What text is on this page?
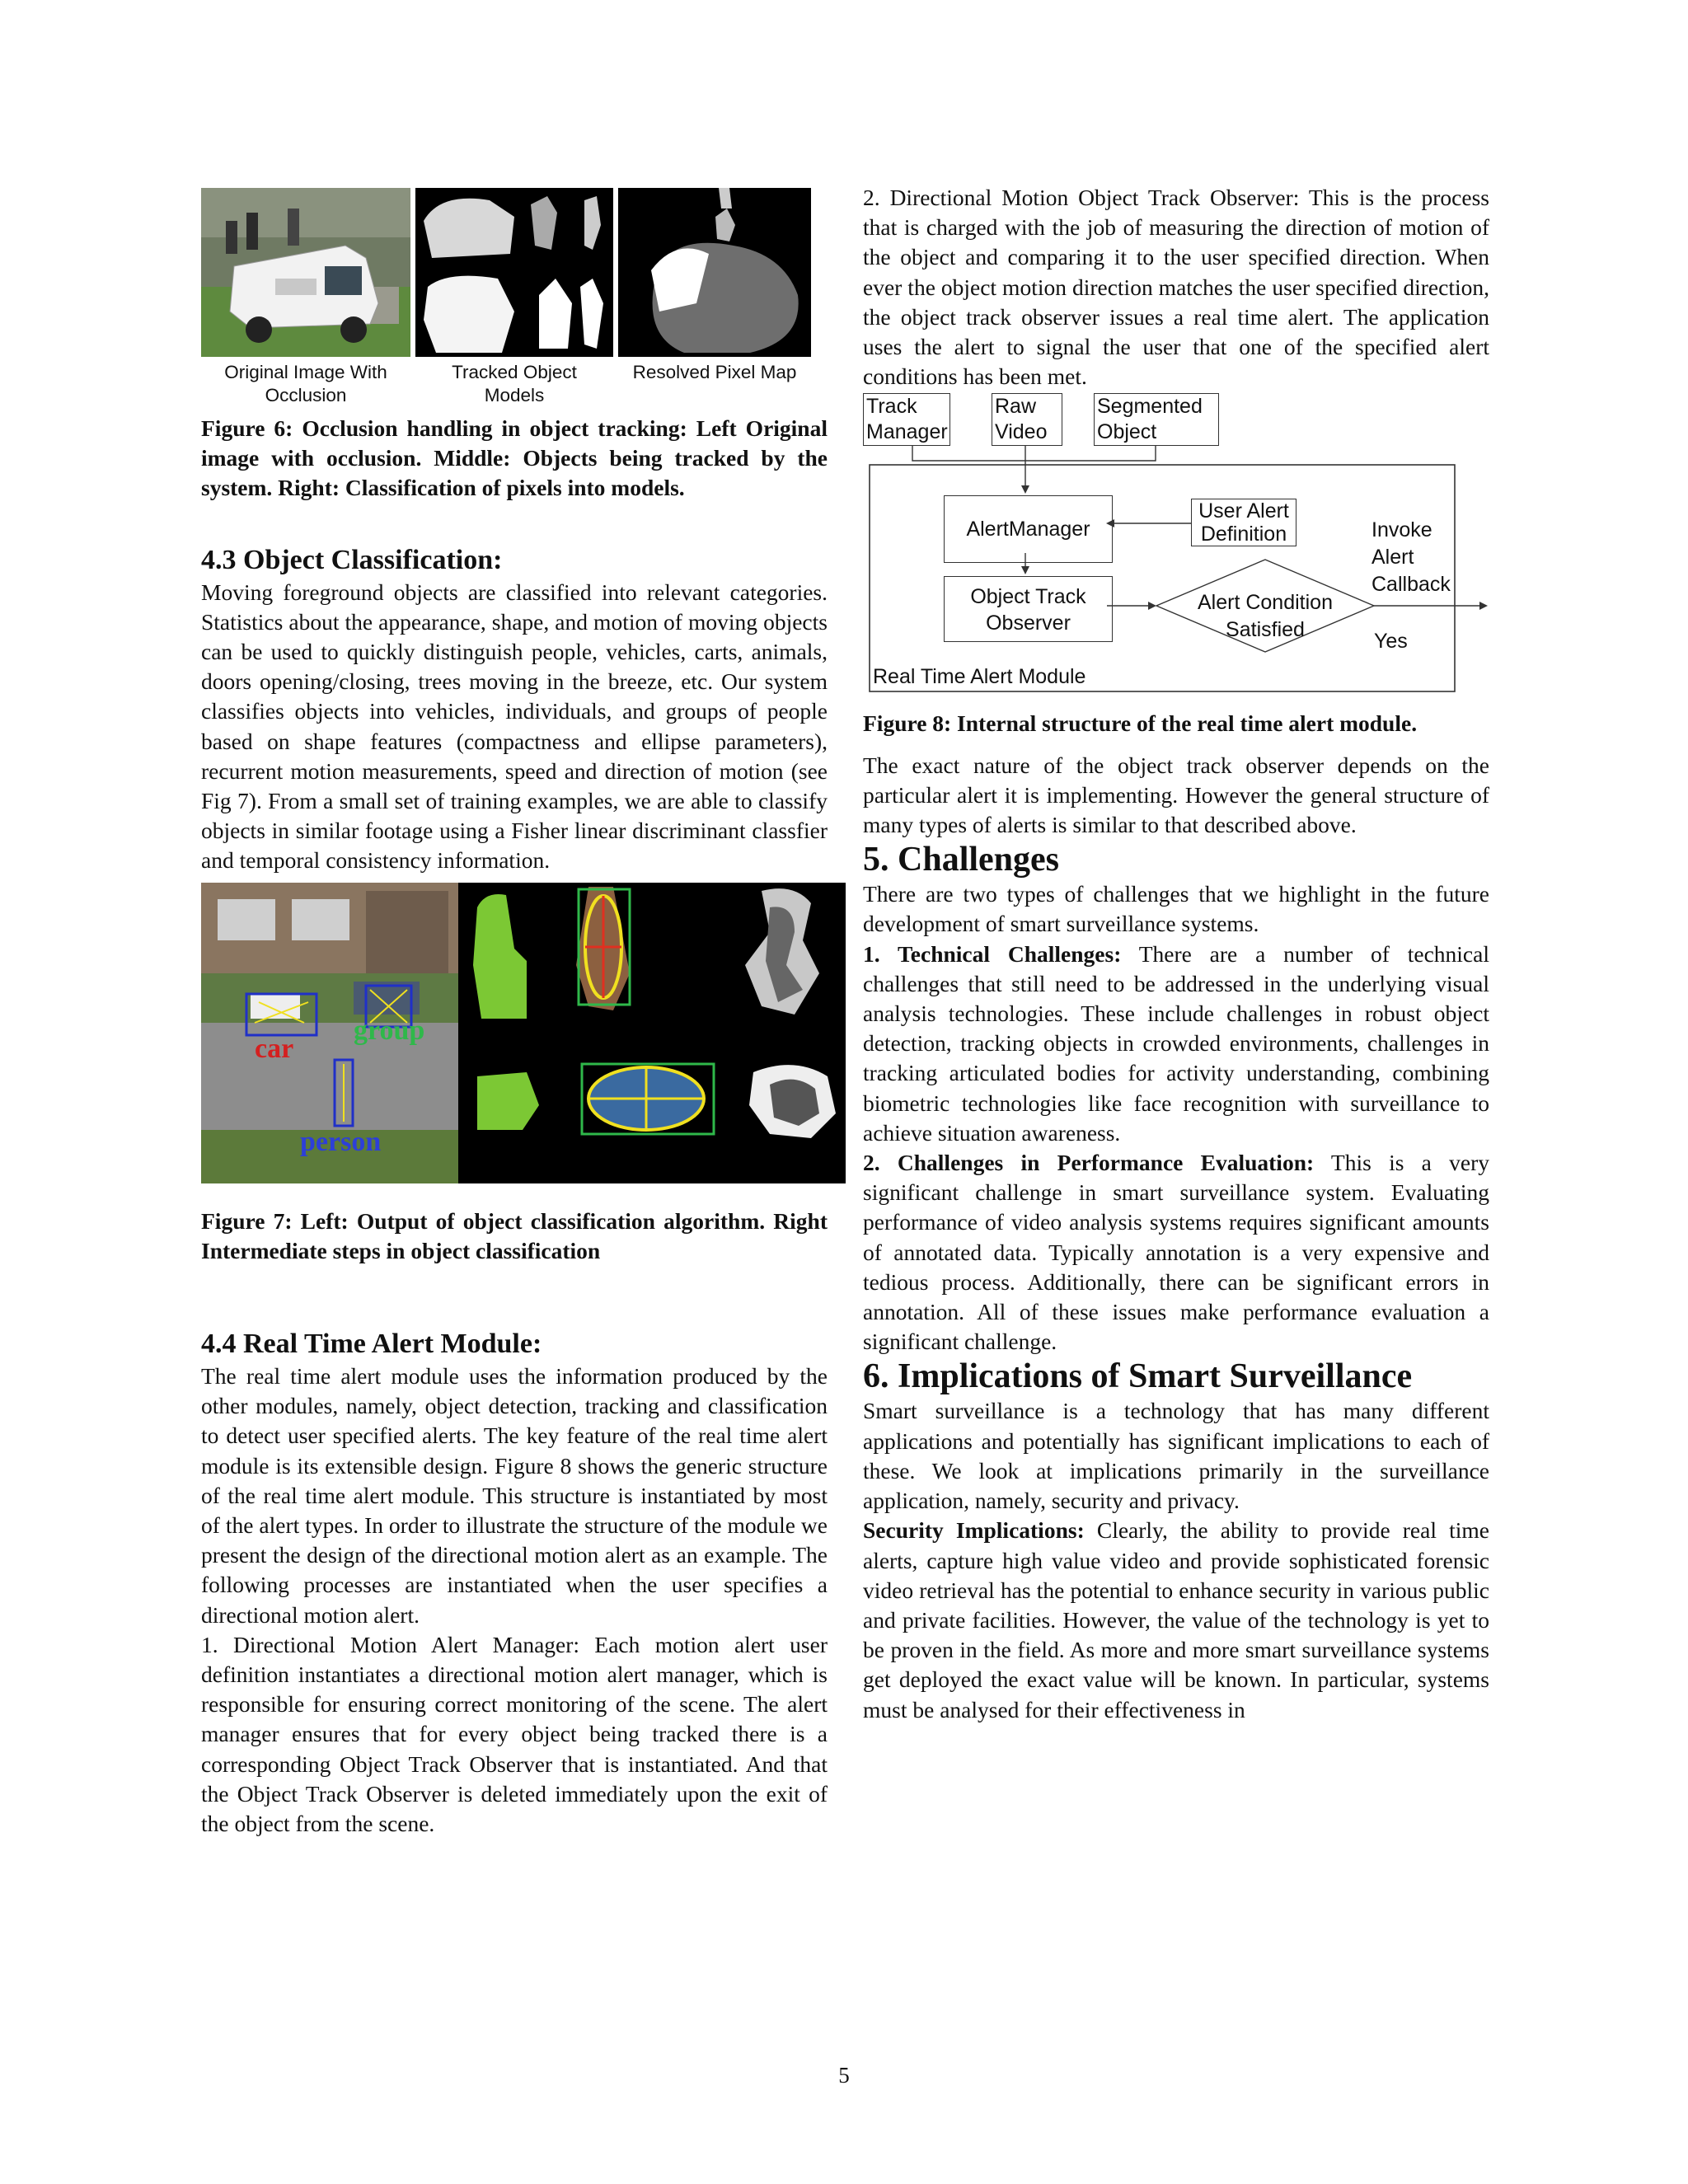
Original Image With Occlusion
Tracked Object Models
Resolved Pixel Map

Figure 6: Occlusion handling in object tracking: Left Original image with occlusion. Middle: Objects being tracked by the system. Right: Classification of pixels into models.

4.3 Object Classification:

Moving foreground objects are classified into relevant categories. Statistics about the appearance, shape, and motion of moving objects can be used to quickly distinguish people, vehicles, carts, animals, doors opening/closing, trees moving in the breeze, etc. Our system classifies objects into vehicles, individuals, and groups of people based on shape features (compactness and ellipse parameters), recurrent motion measurements, speed and direction of motion (see Fig 7). From a small set of training examples, we are able to classify objects in similar footage using a Fisher linear discriminant classfier and temporal consistency information.

car
group
person

Figure 7: Left: Output of object classification algorithm. Right Intermediate steps in object classification

4.4 Real Time Alert Module:

The real time alert module uses the information produced by the other modules, namely, object detection, tracking and classification to detect user specified alerts. The key feature of the real time alert module is its extensible design. Figure 8 shows the generic structure of the real time alert module. This structure is instantiated by most of the alert types. In order to illustrate the structure of the module we present the design of the directional motion alert as an example. The following processes are instantiated when the user specifies a directional motion alert.

1. Directional Motion Alert Manager: Each motion alert user definition instantiates a directional motion alert manager, which is responsible for ensuring correct monitoring of the scene. The alert manager ensures that for every object being tracked there is a corresponding Object Track Observer that is instantiated. And that the Object Track Observer is deleted immediately upon the exit of the object from the scene.

2. Directional Motion Object Track Observer: This is the process that is charged with the job of measuring the direction of motion of the object and comparing it to the user specified direction. When ever the object motion direction matches the user specified direction, the object track observer issues a real time alert. The application uses the alert to signal the user that one of the specified alert conditions has been met.

Track Manager
Raw Video
Segmented Object
AlertManager
User Alert Definition
Object Track Observer
Alert Condition Satisfied
Invoke Alert Callback
Yes
Real Time Alert Module

Figure 8: Internal structure of the real time alert module.

The exact nature of the object track observer depends on the particular alert it is implementing. However the general structure of many types of alerts is similar to that described above.

5. Challenges

There are two types of challenges that we highlight in the future development of smart surveillance systems.

1. Technical Challenges: There are a number of technical challenges that still need to be addressed in the underlying visual analysis technologies. These include challenges in robust object detection, tracking objects in crowded environments, challenges in tracking articulated bodies for activity understanding, combining biometric technologies like face recognition with surveillance to achieve situation awareness.

2. Challenges in Performance Evaluation: This is a very significant challenge in smart surveillance system. Evaluating performance of video analysis systems requires significant amounts of annotated data. Typically annotation is a very expensive and tedious process. Additionally, there can be significant errors in annotation. All of these issues make performance evaluation a significant challenge.

6. Implications of Smart Surveillance

Smart surveillance is a technology that has many different applications and potentially has significant implications to each of these. We look at implications primarily in the surveillance application, namely, security and privacy.

Security Implications: Clearly, the ability to provide real time alerts, capture high value video and provide sophisticated forensic video retrieval has the potential to enhance security in various public and private facilities. However, the value of the technology is yet to be proven in the field. As more and more smart surveillance systems get deployed the exact value will be known. In particular, systems must be analysed for their effectiveness in

5
